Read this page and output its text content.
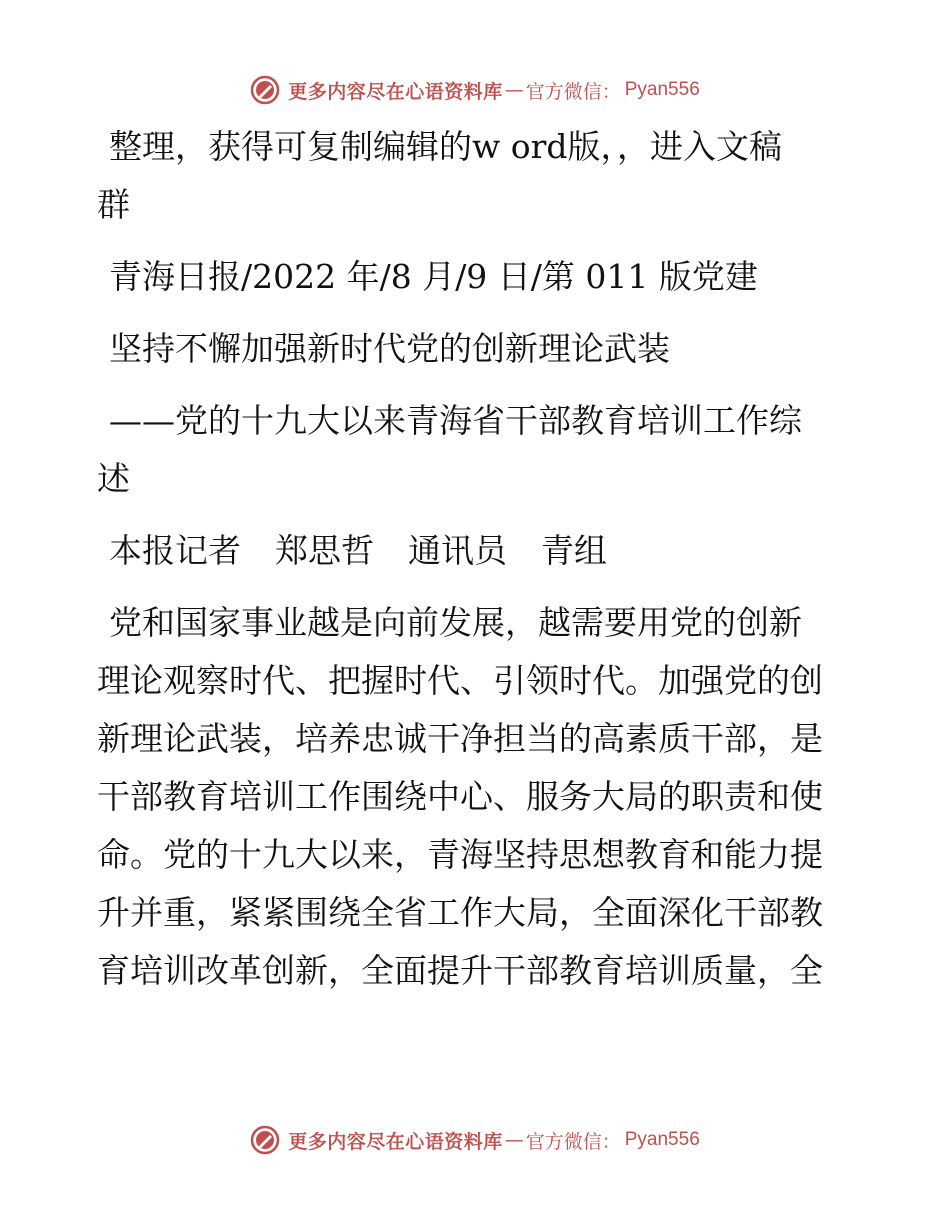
更多内容尽在心语资料库 — 官方微信： Pyan556

整理，获得可复制编辑的w ord版，，进入文稿

群

青海日报/2022 年/8 月/9 日/第 011 版党建

坚持不懈加强新时代党的创新理论武装

——党的十九大以来青海省干部教育培训工作综

述

本报记者 郑思哲 通讯员 青组

党和国家事业越是向前发展，越需要用党的创新

理论观察时代、把握时代、引领时代。加强党的创

新理论武装，培养忠诚干净担当的高素质干部，是

干部教育培训工作围绕中心、服务大局的职责和使

命。党的十九大以来，青海坚持思想教育和能力提

升并重，紧紧围绕全省工作大局，全面深化干部教

育培训改革创新，全面提升干部教育培训质量，全

更多内容尽在心语资料库 — 官方微信： Pyan556
